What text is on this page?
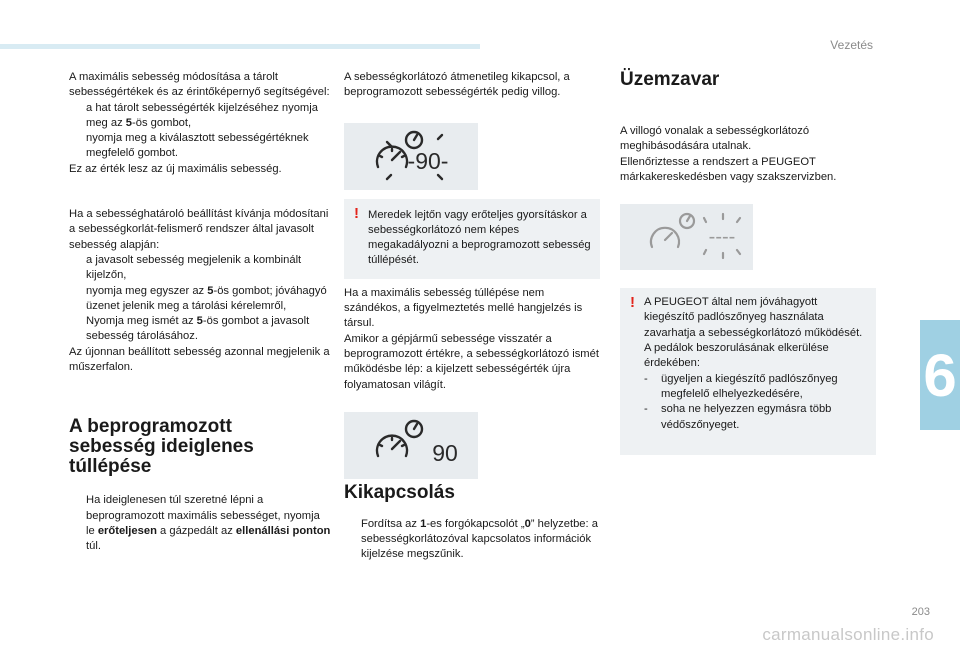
Vezetés
6
203
carmanualsonline.info

A maximális sebesség módosítása a tárolt sebességértékek és az érintőképernyő segítségével:

a hat tárolt sebességérték kijelzéséhez nyomja meg az 5-ös gombot,
nyomja meg a kiválasztott sebességértéknek megfelelő gombot.

Ez az érték lesz az új maximális sebesség.

Ha a sebességhatároló beállítást kívánja módosítani a sebességkorlát-felismerő rendszer által javasolt sebesség alapján:

a javasolt sebesség megjelenik a kombinált kijelzőn,
nyomja meg egyszer az 5-ös gombot; jóváhagyó üzenet jelenik meg a tárolási kérelemről,
Nyomja meg ismét az 5-ös gombot a javasolt sebesség tárolásához.

Az újonnan beállított sebesség azonnal megjelenik a műszerfalon.

A beprogramozott
sebesség ideiglenes
túllépése
Ha ideiglenesen túl szeretné lépni a beprogramozott maximális sebességet, nyomja le erőteljesen a gázpedált az ellenállási ponton túl.

A sebességkorlátozó átmenetileg kikapcsol, a beprogramozott sebességérték pedig villog.

-90-
! Meredek lejtőn vagy erőteljes gyorsításkor a sebességkorlátozó nem képes megakadályozni a beprogramozott sebesség túllépését.

Ha a maximális sebesség túllépése nem szándékos, a figyelmeztetés mellé hangjelzés is társul.

Amikor a gépjármű sebessége visszatér a beprogramozott értékre, a sebességkorlátozó ismét működésbe lép: a kijelzett sebességérték újra folyamatosan világít.

90
Kikapcsolás
Fordítsa az 1-es forgókapcsolót „0” helyzetbe: a sebességkorlátozóval kapcsolatos információk kijelzése megszűnik.
Üzemzavar

A villogó vonalak a sebességkorlátozó meghibásodására utalnak.

Ellenőriztesse a rendszert a PEUGEOT márkakereskedésben vagy szakszervizben.

----
! A PEUGEOT által nem jóváhagyott kiegészítő padlószőnyeg használata zavarhatja a sebességkorlátozó működését.

A pedálok beszorulásának elkerülése érdekében:

- ügyeljen a kiegészítő padlószőnyeg megfelelő elhelyezkedésére,
- soha ne helyezzen egymásra több védőszőnyeget.
